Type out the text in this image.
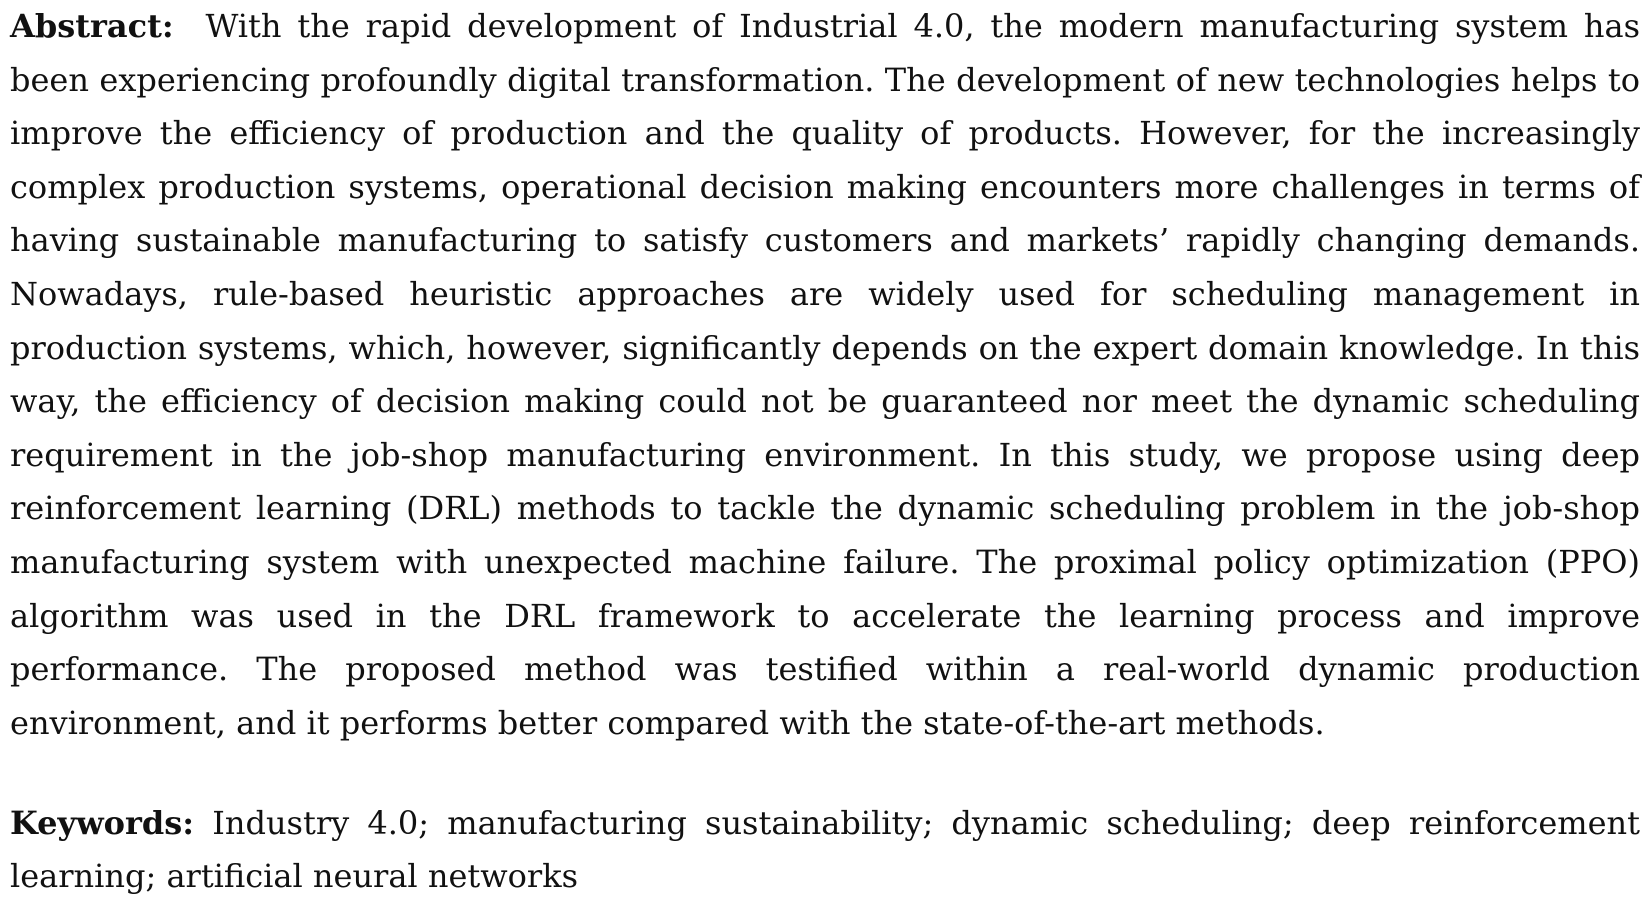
Abstract: With the rapid development of Industrial 4.0, the modern manufacturing system has been experiencing profoundly digital transformation. The development of new technologies helps to improve the efficiency of production and the quality of products. However, for the increasingly complex production systems, operational decision making encounters more challenges in terms of having sustainable manufacturing to satisfy customers and markets’ rapidly changing demands. Nowadays, rule-based heuristic approaches are widely used for scheduling management in production systems, which, however, significantly depends on the expert domain knowledge. In this way, the efficiency of decision making could not be guaranteed nor meet the dynamic scheduling requirement in the job-shop manufacturing environment. In this study, we propose using deep reinforcement learning (DRL) methods to tackle the dynamic scheduling problem in the job-shop manufacturing system with unexpected machine failure. The proximal policy optimization (PPO) algorithm was used in the DRL framework to accelerate the learning process and improve performance. The proposed method was testified within a real-world dynamic production environment, and it performs better compared with the state-of-the-art methods.

Keywords: Industry 4.0; manufacturing sustainability; dynamic scheduling; deep reinforcement learning; artificial neural networks
